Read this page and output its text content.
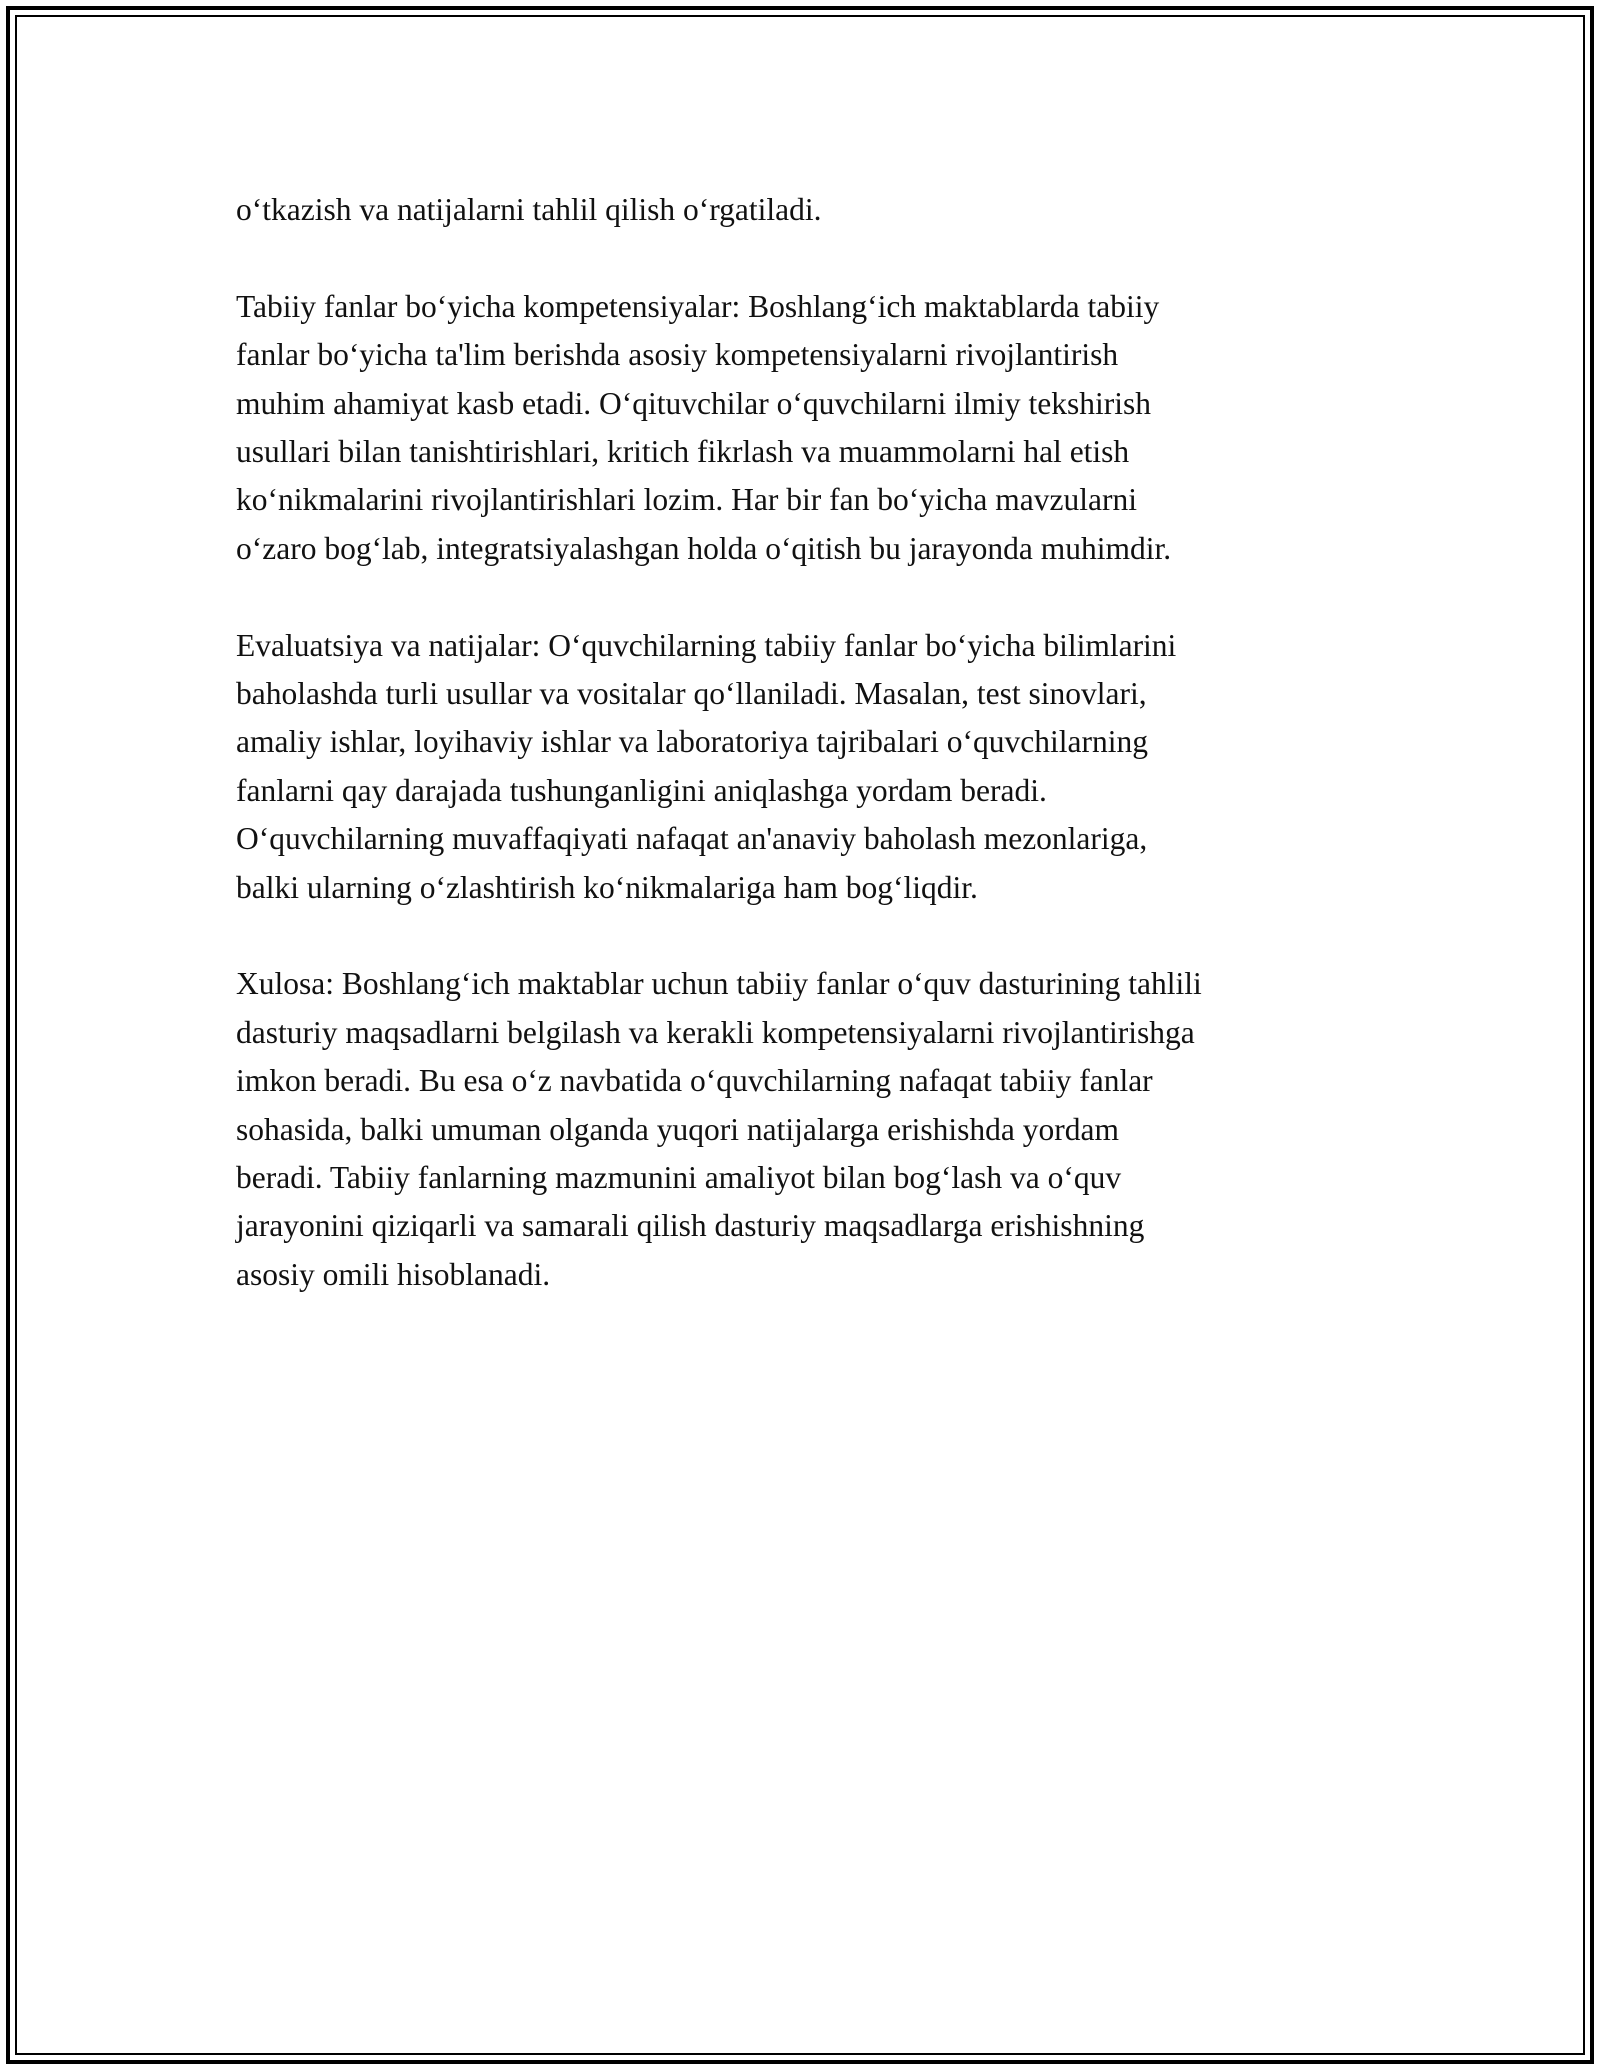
o‘tkazish va natijalarni tahlil qilish o‘rgatiladi.

Tabiiy fanlar bo‘yicha kompetensiyalar: Boshlang‘ich maktablarda tabiiy
fanlar bo‘yicha ta'lim berishda asosiy kompetensiyalarni rivojlantirish
muhim ahamiyat kasb etadi. O‘qituvchilar o‘quvchilarni ilmiy tekshirish
usullari bilan tanishtirishlari, kritich fikrlash va muammolarni hal etish
ko‘nikmalarini rivojlantirishlari lozim. Har bir fan bo‘yicha mavzularni
o‘zaro bog‘lab, integratsiyalashgan holda o‘qitish bu jarayonda muhimdir.

Evaluatsiya va natijalar: O‘quvchilarning tabiiy fanlar bo‘yicha bilimlarini
baholashda turli usullar va vositalar qo‘llaniladi. Masalan, test sinovlari,
amaliy ishlar, loyihaviy ishlar va laboratoriya tajribalari o‘quvchilarning
fanlarni qay darajada tushunganligini aniqlashga yordam beradi.
O‘quvchilarning muvaffaqiyati nafaqat an'anaviy baholash mezonlariga,
balki ularning o‘zlashtirish ko‘nikmalariga ham bog‘liqdir.

Xulosa: Boshlang‘ich maktablar uchun tabiiy fanlar o‘quv dasturining tahlili
dasturiy maqsadlarni belgilash va kerakli kompetensiyalarni rivojlantirishga
imkon beradi. Bu esa o‘z navbatida o‘quvchilarning nafaqat tabiiy fanlar
sohasida, balki umuman olganda yuqori natijalarga erishishda yordam
beradi. Tabiiy fanlarning mazmunini amaliyot bilan bog‘lash va o‘quv
jarayonini qiziqarli va samarali qilish dasturiy maqsadlarga erishishning
asosiy omili hisoblanadi.
